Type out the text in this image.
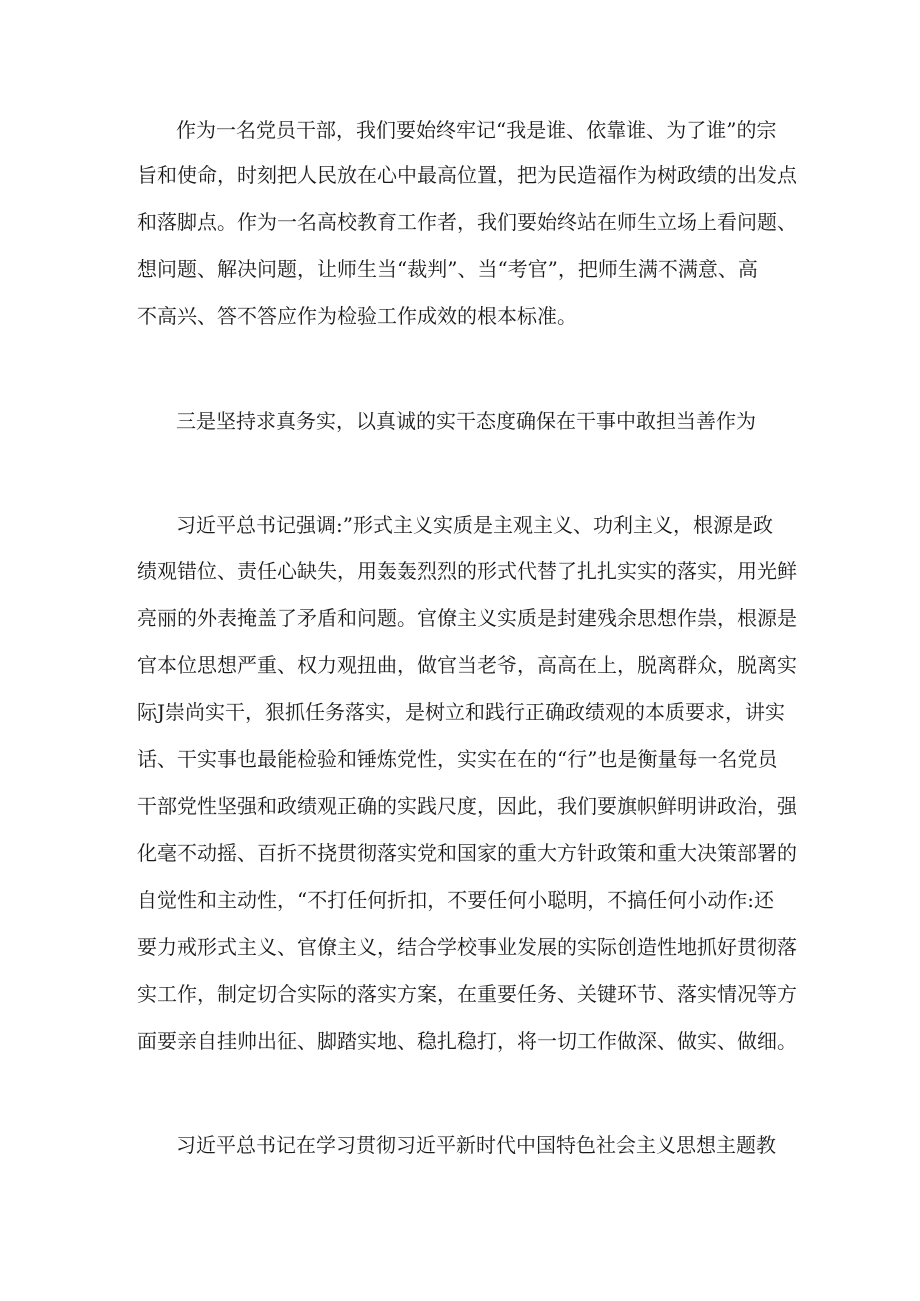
作为一名党员干部，我们要始终牢记“我是谁、依靠谁、为了谁”的宗
旨和使命，时刻把人民放在心中最高位置，把为民造福作为树政绩的出发点
和落脚点。作为一名高校教育工作者，我们要始终站在师生立场上看问题、
想问题、解决问题，让师生当“裁判”、当“考官”，把师生满不满意、高
不高兴、答不答应作为检验工作成效的根本标准。
三是坚持求真务实，以真诚的实干态度确保在干事中敢担当善作为
习近平总书记强调:”形式主义实质是主观主义、功利主义，根源是政
绩观错位、责任心缺失，用轰轰烈烈的形式代替了扎扎实实的落实，用光鲜
亮丽的外表掩盖了矛盾和问题。官僚主义实质是封建残余思想作祟，根源是
官本位思想严重、权力观扭曲，做官当老爷，高高在上，脱离群众，脱离实
际J崇尚实干，狠抓任务落实，是树立和践行正确政绩观的本质要求，讲实
话、干实事也最能检验和锤炼党性，实实在在的“行”也是衡量每一名党员
干部党性坚强和政绩观正确的实践尺度，因此，我们要旗帜鲜明讲政治，强
化毫不动摇、百折不挠贯彻落实党和国家的重大方针政策和重大决策部署的
自觉性和主动性，“不打任何折扣，不要任何小聪明，不搞任何小动作:还
要力戒形式主义、官僚主义，结合学校事业发展的实际创造性地抓好贯彻落
实工作，制定切合实际的落实方案，在重要任务、关键环节、落实情况等方
面要亲自挂帅出征、脚踏实地、稳扎稳打，将一切工作做深、做实、做细。
习近平总书记在学习贯彻习近平新时代中国特色社会主义思想主题教
